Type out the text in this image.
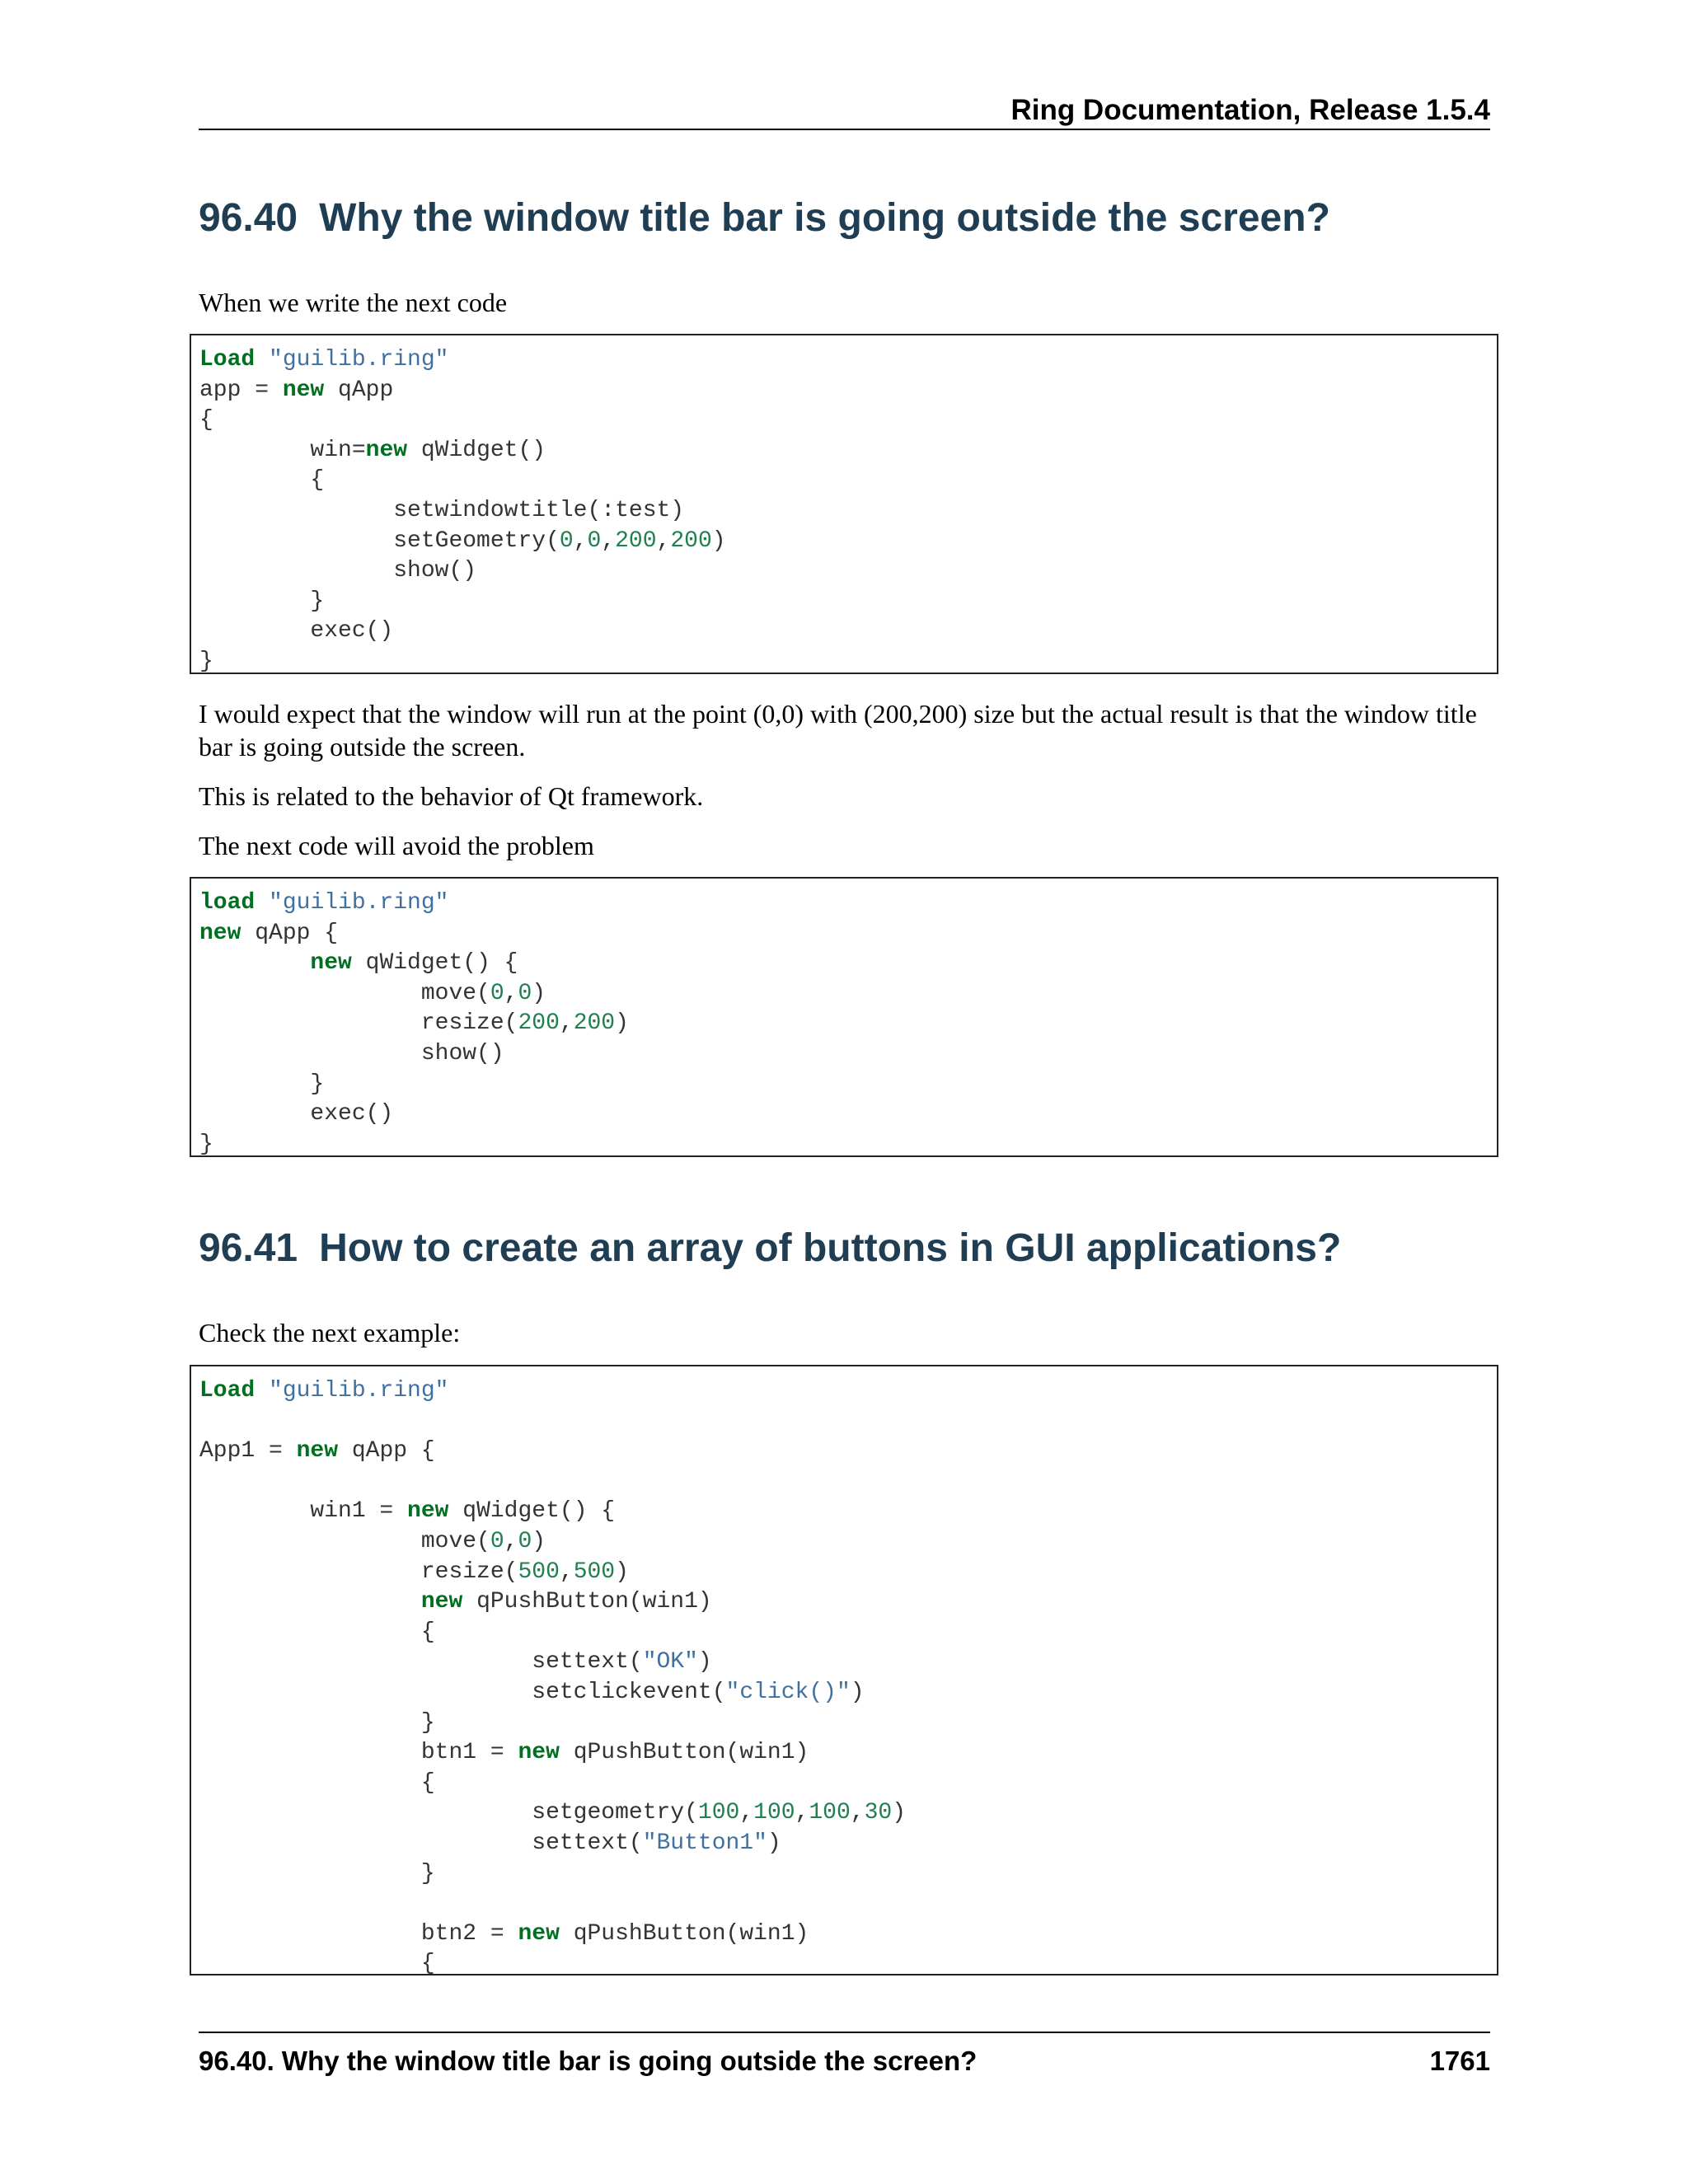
Ring Documentation, Release 1.5.4
96.40 Why the window title bar is going outside the screen?
When we write the next code
Load "guilib.ring"
app = new qApp
{
win=new qWidget()
{
setwindowtitle(:test)
setGeometry(0,0,200,200)
show()
}
exec()
}
I would expect that the window will run at the point (0,0) with (200,200) size but the actual result is that the window title bar is going outside the screen.
This is related to the behavior of Qt framework.
The next code will avoid the problem
load "guilib.ring"
new qApp {
new qWidget() {
move(0,0)
resize(200,200)
show()
}
exec()
}
96.41 How to create an array of buttons in GUI applications?
Check the next example:
Load "guilib.ring"

App1 = new qApp {

win1 = new qWidget() {
move(0,0)
resize(500,500)
new qPushButton(win1)
{
settext("OK")
setclickevent("click()")
}
btn1 = new qPushButton(win1)
{
setgeometry(100,100,100,30)
settext("Button1")
}

btn2 = new qPushButton(win1)
{
96.40. Why the window title bar is going outside the screen?	1761
